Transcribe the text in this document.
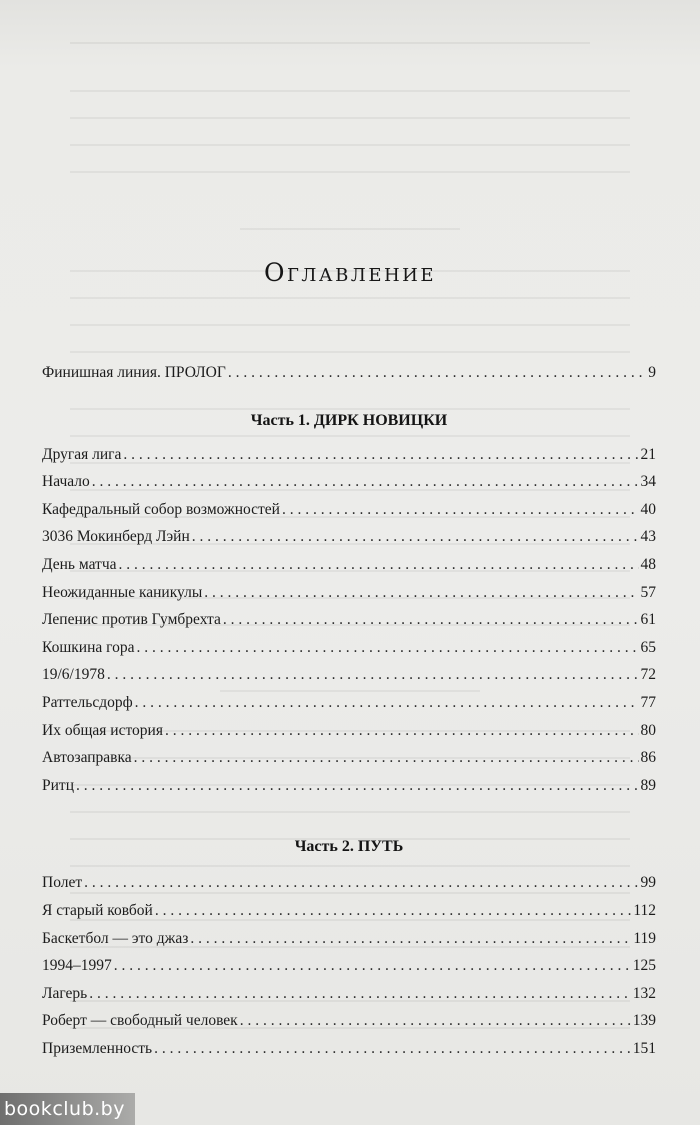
Оглавление
Финишная линия. ПРОЛОГ . . .	9
Часть 1. ДИРК НОВИЦКИ
Другая лига . . .	21
Начало . . .	34
Кафедральный собор возможностей . . .	40
3036 Мокинберд Лэйн . . .	43
День матча . . .	48
Неожиданные каникулы . . .	57
Лепенис против Гумбрехта . . .	61
Кошкина гора . . .	65
19/6/1978 . . .	72
Раттельсдорф . . .	77
Их общая история . . .	80
Автозаправка . . .	86
Ритц . . .	89
Часть 2. ПУТЬ
Полет . . .	99
Я старый ковбой . . .	112
Баскетбол — это джаз . . .	119
1994–1997 . . .	125
Лагерь . . .	132
Роберт — свободный человек . . .	139
Приземленность . . .	151
bookclub.by
